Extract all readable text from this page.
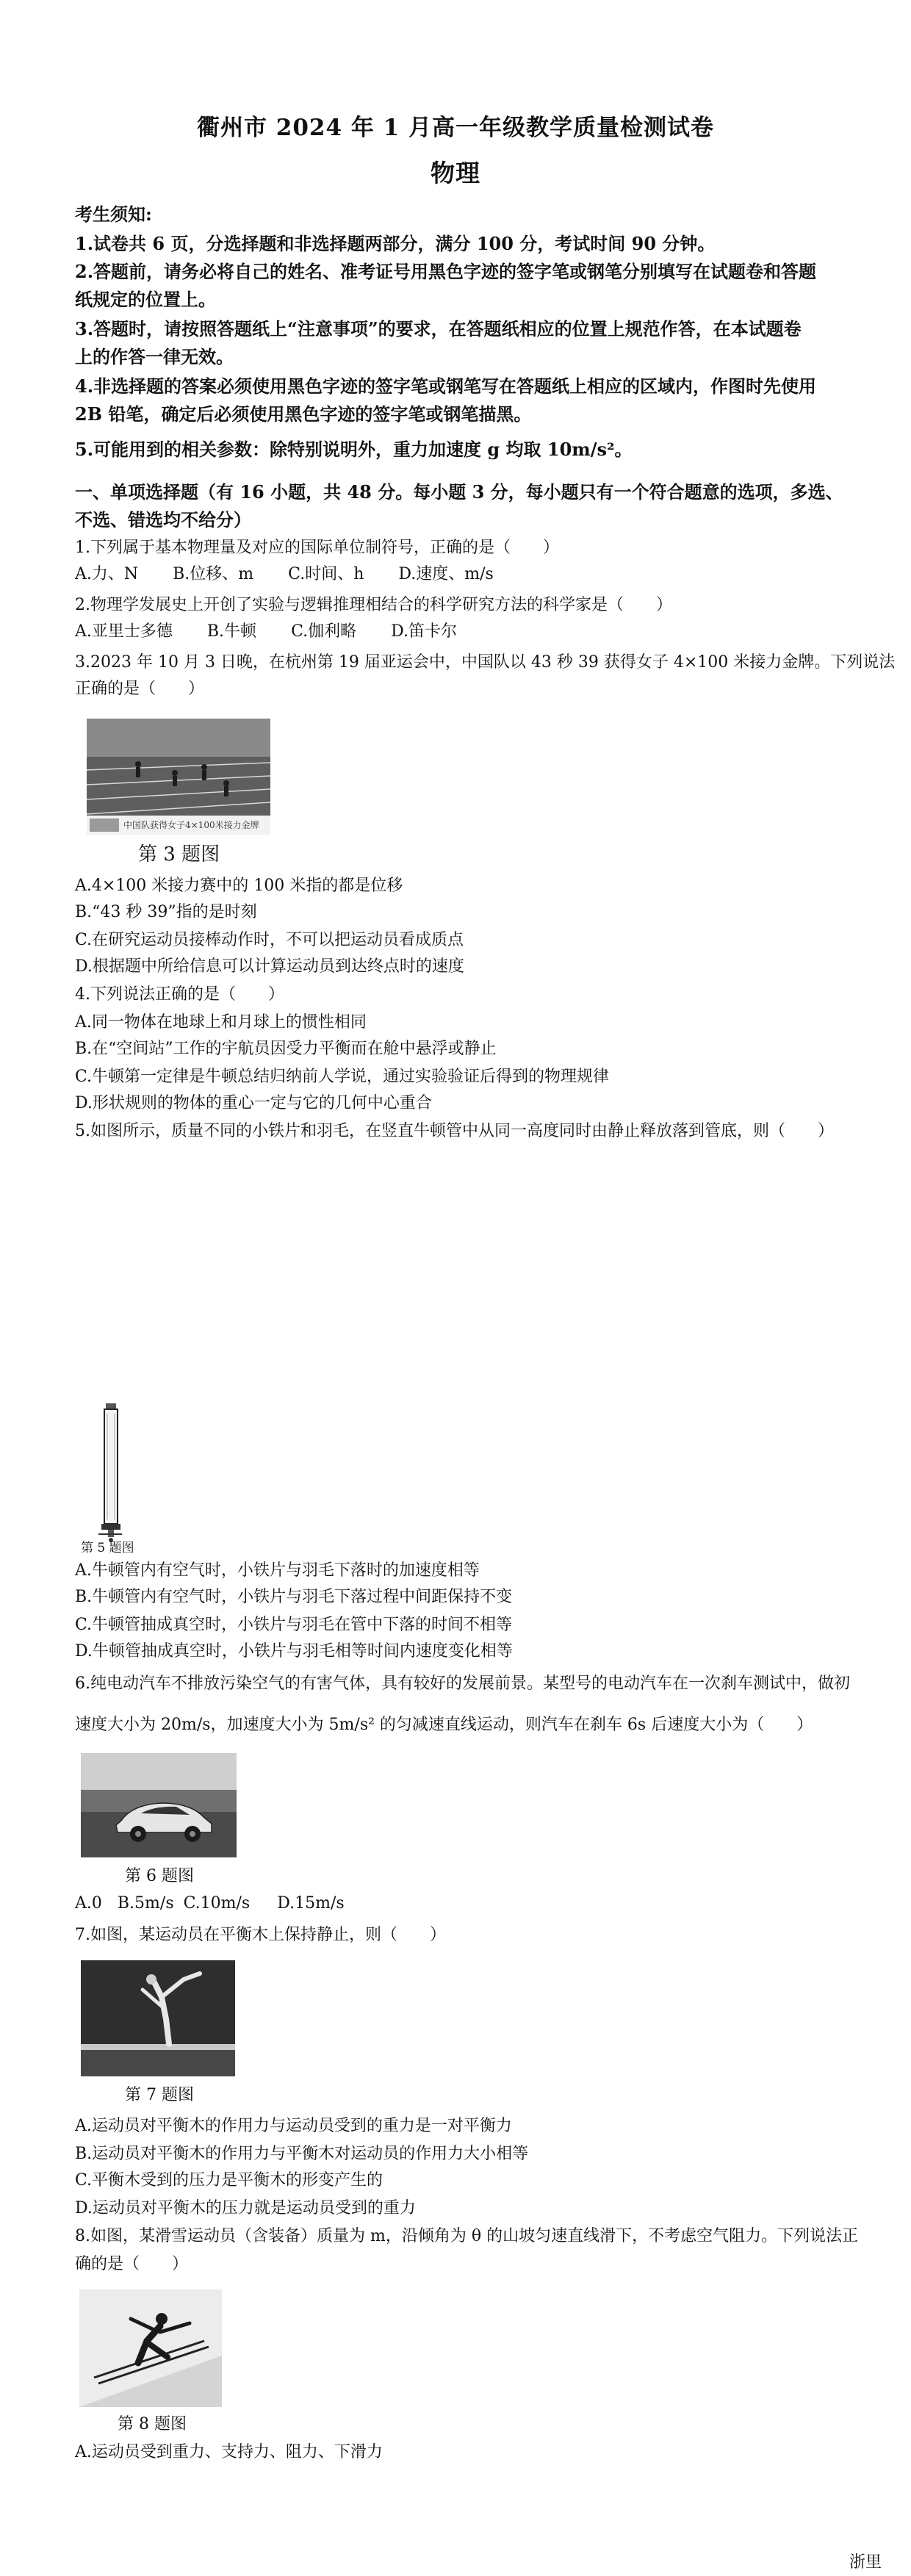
衢州市 2024 年 1 月高一年级教学质量检测试卷
物理
考生须知:
1.试卷共 6 页，分选择题和非选择题两部分，满分 100 分，考试时间 90 分钟。
2.答题前，请务必将自己的姓名、准考证号用黑色字迹的签字笔或钢笔分别填写在试题卷和答题
纸规定的位置上。
3.答题时，请按照答题纸上“注意事项”的要求，在答题纸相应的位置上规范作答，在本试题卷
上的作答一律无效。
4.非选择题的答案必须使用黑色字迹的签字笔或钢笔写在答题纸上相应的区域内，作图时先使用
2B 铅笔，确定后必须使用黑色字迹的签字笔或钢笔描黑。
5.可能用到的相关参数：除特别说明外，重力加速度 g 均取 10m/s²。
一、单项选择题（有 16 小题，共 48 分。每小题 3 分，每小题只有一个符合题意的选项，多选、
不选、错选均不给分）
1.下列属于基本物理量及对应的国际单位制符号，正确的是（　　）
A.力、N B.位移、m C.时间、h D.速度、m/s
2.物理学发展史上开创了实验与逻辑推理相结合的科学研究方法的科学家是（　　）
A.亚里士多德 B.牛顿 C.伽利略 D.笛卡尔
3.2023 年 10 月 3 日晚，在杭州第 19 届亚运会中，中国队以 43 秒 39 获得女子 4×100 米接力金牌。下列说法
正确的是（　　）
中国队获得女子4×100米接力金牌
第 3 题图
A.4×100 米接力赛中的 100 米指的都是位移
B.“43 秒 39”指的是时刻
C.在研究运动员接棒动作时，不可以把运动员看成质点
D.根据题中所给信息可以计算运动员到达终点时的速度
4.下列说法正确的是（　　）
A.同一物体在地球上和月球上的惯性相同
B.在“空间站”工作的宇航员因受力平衡而在舱中悬浮或静止
C.牛顿第一定律是牛顿总结归纳前人学说，通过实验验证后得到的物理规律
D.形状规则的物体的重心一定与它的几何中心重合
5.如图所示，质量不同的小铁片和羽毛，在竖直牛顿管中从同一高度同时由静止释放落到管底，则（　　）
第 5 题图
A.牛顿管内有空气时，小铁片与羽毛下落时的加速度相等
B.牛顿管内有空气时，小铁片与羽毛下落过程中间距保持不变
C.牛顿管抽成真空时，小铁片与羽毛在管中下落的时间不相等
D.牛顿管抽成真空时，小铁片与羽毛相等时间内速度变化相等
6.纯电动汽车不排放污染空气的有害气体，具有较好的发展前景。某型号的电动汽车在一次刹车测试中，做初
速度大小为 20m/s，加速度大小为 5m/s² 的匀减速直线运动，则汽车在刹车 6s 后速度大小为（　　）
第 6 题图
A.0 B.5m/s C.10m/s D.15m/s
7.如图，某运动员在平衡木上保持静止，则（　　）
第 7 题图
A.运动员对平衡木的作用力与运动员受到的重力是一对平衡力
B.运动员对平衡木的作用力与平衡木对运动员的作用力大小相等
C.平衡木受到的压力是平衡木的形变产生的
D.运动员对平衡木的压力就是运动员受到的重力
8.如图，某滑雪运动员（含装备）质量为 m，沿倾角为 θ 的山坡匀速直线滑下，不考虑空气阻力。下列说法正
确的是（　　）
第 8 题图
A.运动员受到重力、支持力、阻力、下滑力
浙里
